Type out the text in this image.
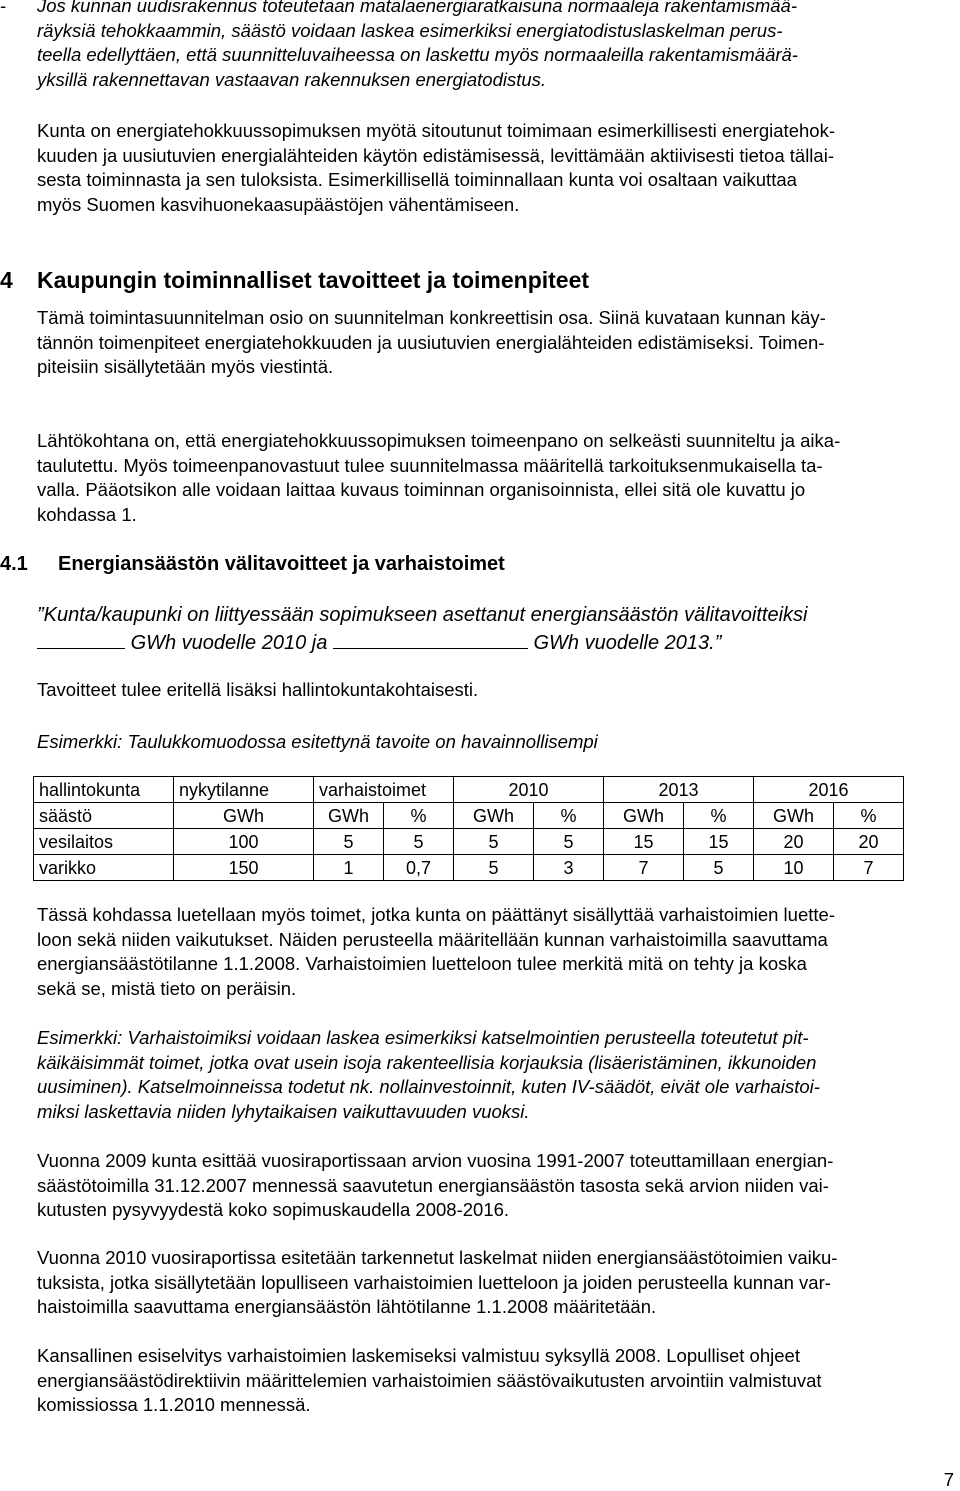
- Jos kunnan uudisrakennus toteutetaan matalaenergiaratkaisuna normaaleja rakentamismää-
räyksiä tehokkaammin, säästö voidaan laskea esimerkiksi energiatodistuslaskelman perus-
teella edellyttäen, että suunnitteluvaiheessa on laskettu myös normaaleilla rakentamismäärä-
yksillä rakennettavan vastaavan rakennuksen energiatodistus.
Kunta on energiatehokkuussopimuksen myötä sitoutunut toimimaan esimerkillisesti energiatehok-
kuuden ja uusiutuvien energialähteiden käytön edistämisessä, levittämään aktiivisesti tietoa tällai-
sesta toiminnasta ja sen tuloksista. Esimerkillisellä toiminnallaan kunta voi osaltaan vaikuttaa
myös Suomen kasvihuonekaasupäästöjen vähentämiseen.
4 Kaupungin toiminnalliset tavoitteet ja toimenpiteet
Tämä toimintasuunnitelman osio on suunnitelman konkreettisin osa. Siinä kuvataan kunnan käy-
tännön toimenpiteet energiatehokkuuden ja uusiutuvien energialähteiden edistämiseksi. Toimen-
piteisiin sisällytetään myös viestintä.
Lähtökohtana on, että energiatehokkuussopimuksen toimeenpano on selkeästi suunniteltu ja aika-
taulutettu. Myös toimeenpanovastuut tulee suunnitelmassa määritellä tarkoituksenmukaisella ta-
valla. Pääotsikon alle voidaan laittaa kuvaus toiminnan organisoinnista, ellei sitä ole kuvattu jo
kohdassa 1.
4.1 Energiansäästön välitavoitteet ja varhaistoimet
”Kunta/kaupunki on liittyessään sopimukseen asettanut energiansäästön välitavoitteiksi
GWh vuodelle 2010 ja	GWh vuodelle 2013.”
Tavoitteet tulee eritellä lisäksi hallintokuntakohtaisesti.
Esimerkki: Taulukkomuodossa esitettynä tavoite on havainnollisempi
hallintokunta	nykytilanne	varhaistoimet		2010		2013		2016	
säästö	GWh	GWh	%	GWh	%	GWh	%	GWh	%
vesilaitos	100	5	5	5	5	15	15	20	20
varikko	150	1	0,7	5	3	7	5	10	7
Tässä kohdassa luetellaan myös toimet, jotka kunta on päättänyt sisällyttää varhaistoimien luette-
loon sekä niiden vaikutukset. Näiden perusteella määritellään kunnan varhaistoimilla saavuttama
energiansäästötilanne 1.1.2008. Varhaistoimien luetteloon tulee merkitä mitä on tehty ja koska
sekä se, mistä tieto on peräisin.
Esimerkki: Varhaistoimiksi voidaan laskea esimerkiksi katselmointien perusteella toteutetut pit-
käikäisimmät toimet, jotka ovat usein isoja rakenteellisia korjauksia (lisäeristäminen, ikkunoiden
uusiminen). Katselmoinneissa todetut nk. nollainvestoinnit, kuten IV-säädöt, eivät ole varhaistoi-
miksi laskettavia niiden lyhytaikaisen vaikuttavuuden vuoksi.
Vuonna 2009 kunta esittää vuosiraportissaan arvion vuosina 1991-2007 toteuttamillaan energian-
säästötoimilla 31.12.2007 mennessä saavutetun energiansäästön tasosta sekä arvion niiden vai-
kutusten pysyvyydestä koko sopimuskaudella 2008-2016.
Vuonna 2010 vuosiraportissa esitetään tarkennetut laskelmat niiden energiansäästötoimien vaiku-
tuksista, jotka sisällytetään lopulliseen varhaistoimien luetteloon ja joiden perusteella kunnan var-
haistoimilla saavuttama energiansäästön lähtötilanne 1.1.2008 määritetään.
Kansallinen esiselvitys varhaistoimien laskemiseksi valmistuu syksyllä 2008. Lopulliset ohjeet
energiansäästödirektiivin määrittelemien varhaistoimien säästövaikutusten arvointiin valmistuvat
komissiossa 1.1.2010 mennessä.
7
